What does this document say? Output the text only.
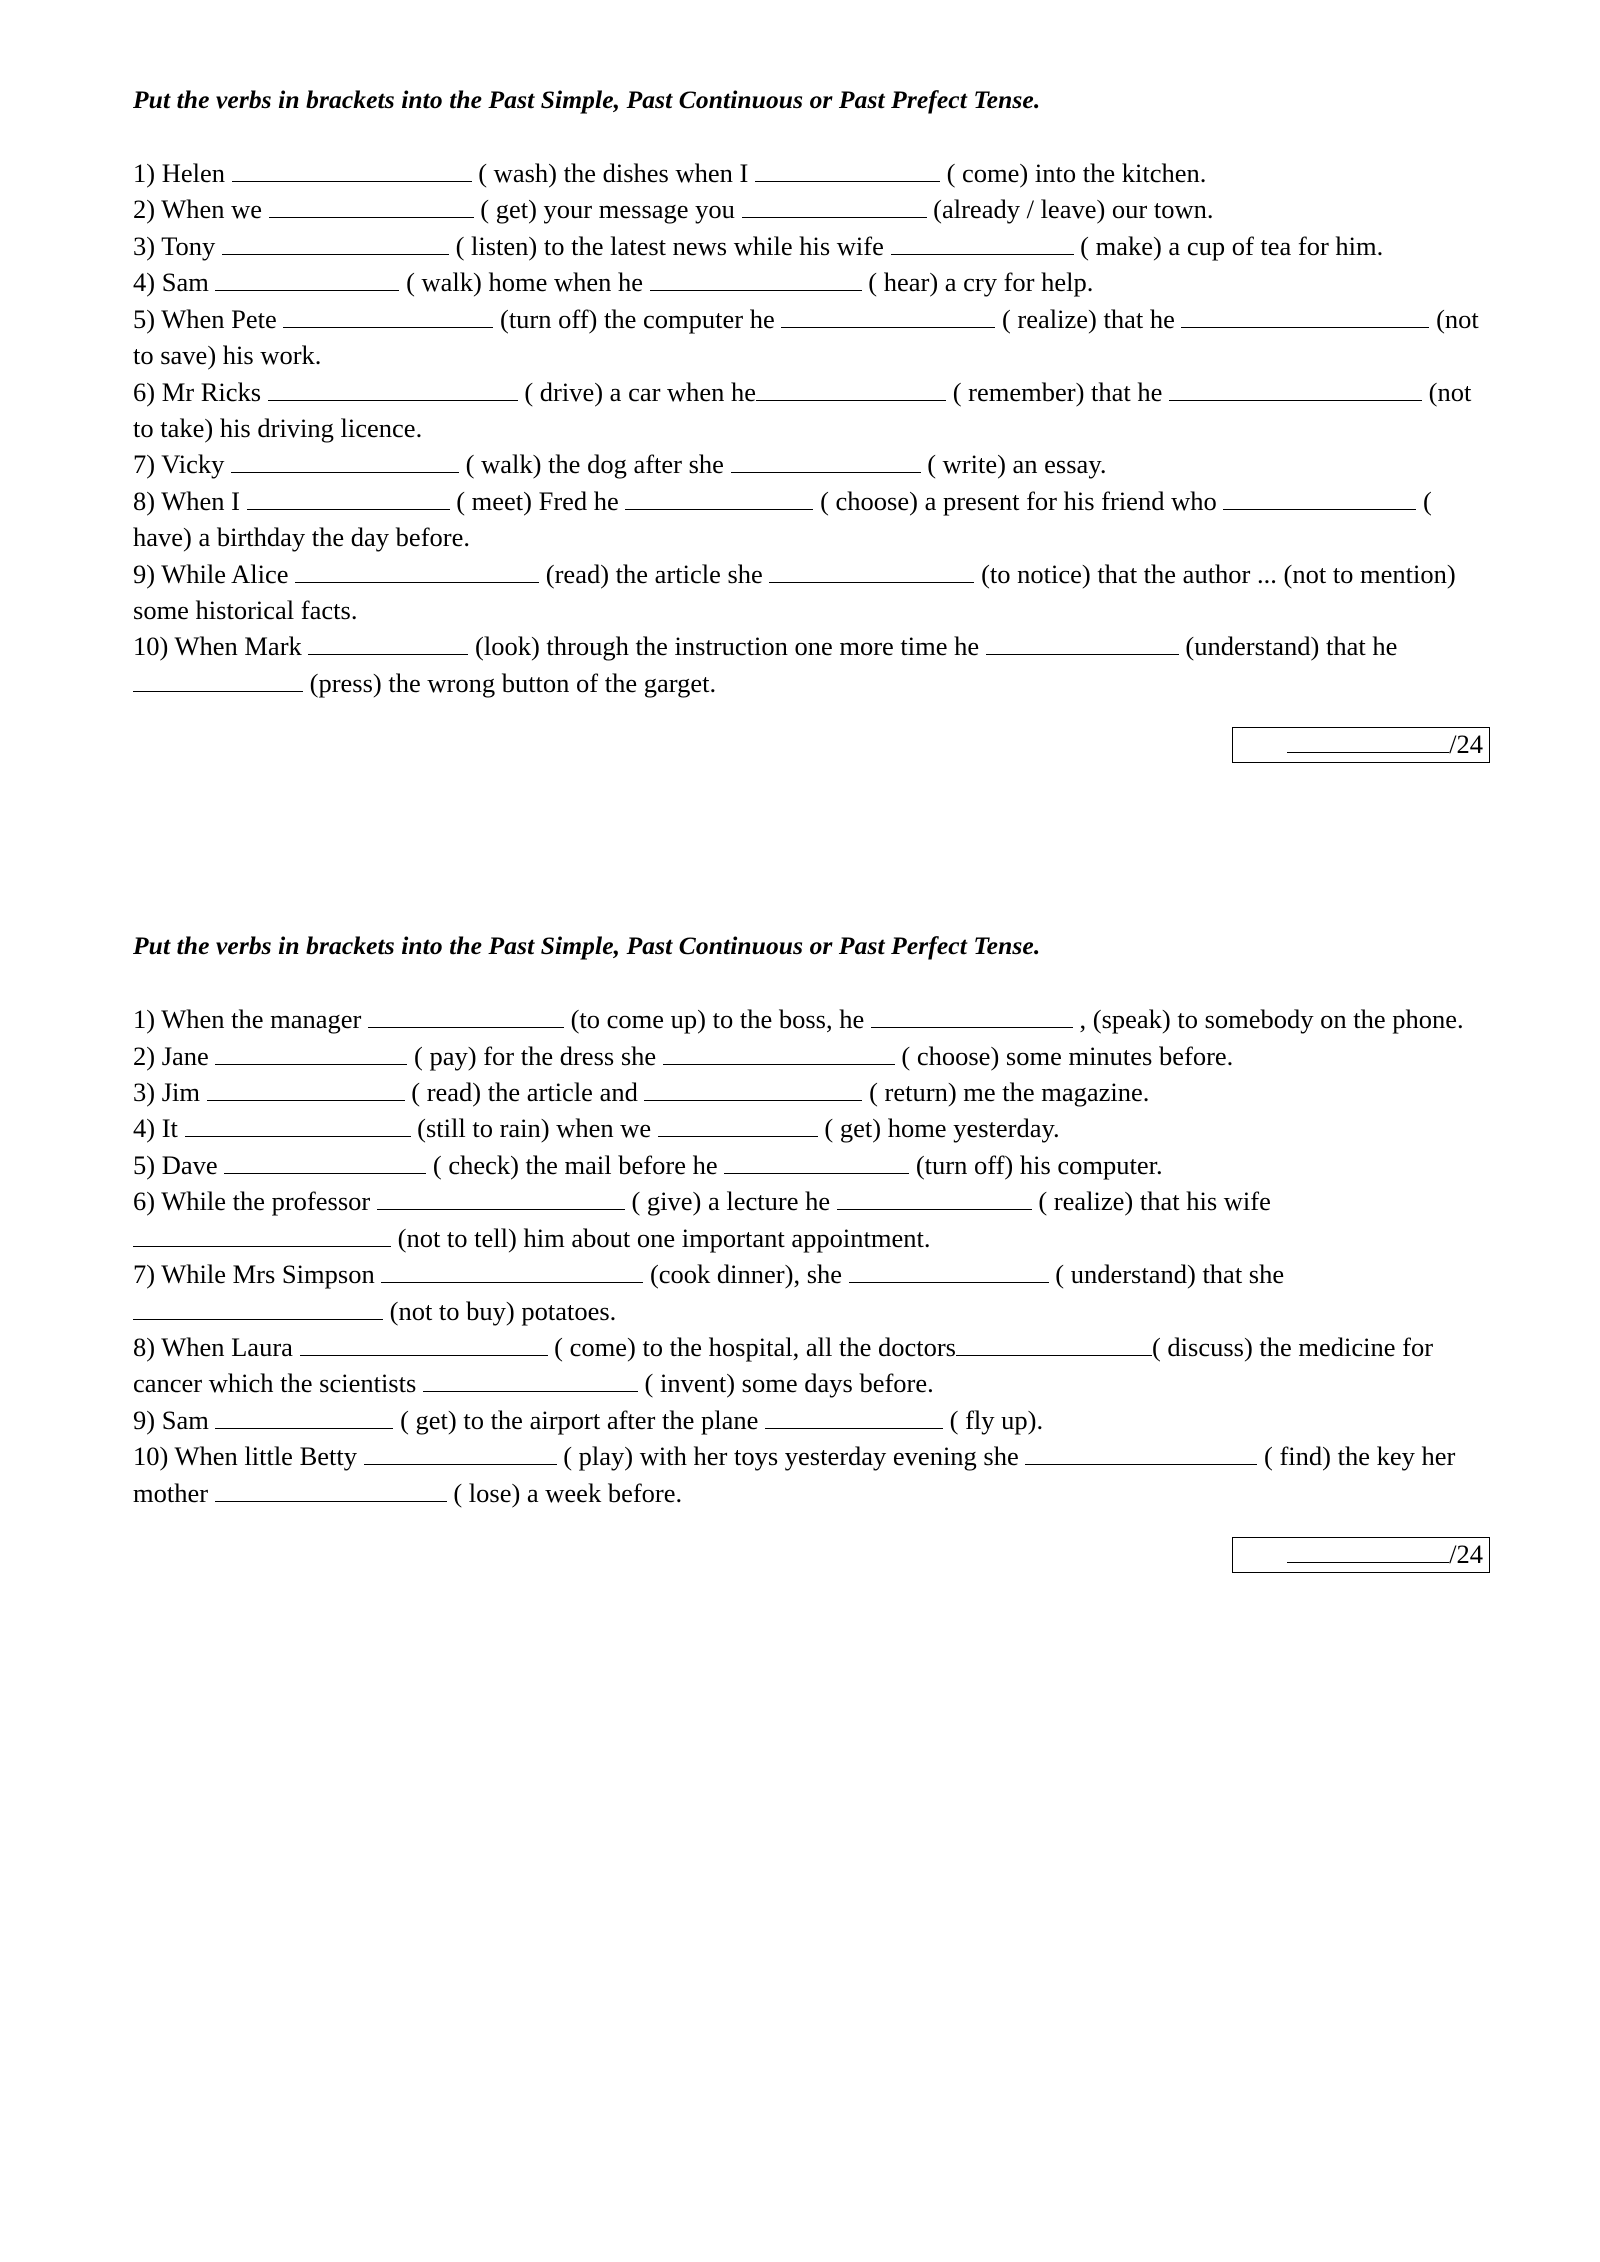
Put the verbs in brackets into the Past Simple, Past Continuous or Past Prefect Tense.

1) Helen	( wash) the dishes when I	( come) into the kitchen.

2) When we	( get) your message you	(already / leave) our town.

3) Tony	( listen) to the latest news while his wife	( make) a cup of tea for him.

4) Sam	( walk) home when he	( hear) a cry for help.

5) When Pete	(turn off) the computer he	( realize) that he	(not to save) his work.

6) Mr Ricks	( drive) a car when he	( remember) that he	(not to take) his driving licence.

7) Vicky	( walk) the dog after she	( write) an essay.

8) When I	( meet) Fred he	( choose) a present for his friend who	( have) a birthday the day before.

9) While Alice	(read) the article she	(to notice) that the author ... (not to mention) some historical facts.

10) When Mark	(look) through the instruction one more time he	(understand) that he  (press) the wrong button of the garget.

/24

Put the verbs in brackets into the Past Simple, Past Continuous or Past Perfect Tense.

1) When the manager	(to come up) to the boss, he	, (speak) to somebody on the phone.

2) Jane	( pay) for the dress she	( choose) some minutes before.

3) Jim	( read) the article and	( return) me the magazine.

4) It	(still to rain) when we	( get) home yesterday.

5) Dave	( check) the mail before he	(turn off) his computer.

6) While the professor	( give) a lecture he	( realize) that his wife  (not to tell) him about one important appointment.

7) While Mrs Simpson	(cook dinner), she	( understand) that she  (not to buy) potatoes.

8) When Laura	( come) to the hospital, all the doctors	( discuss) the medicine for cancer which the scientists	( invent) some days before.

9) Sam	( get) to the airport after the plane	( fly up).

10) When little Betty	( play) with her toys yesterday evening she	( find) the key her mother	( lose) a week before.

/24
